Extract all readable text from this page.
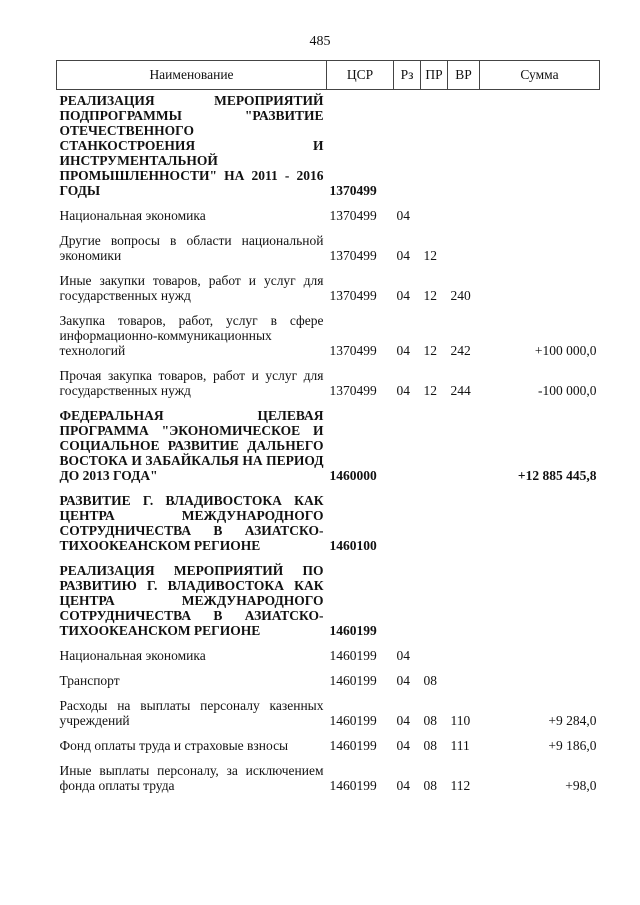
485
Наименование	ЦСР	Рз	ПР	ВР	Сумма
РЕАЛИЗАЦИЯ МЕРОПРИЯТИЙ ПОДПРОГРАММЫ "РАЗВИТИЕ ОТЕЧЕСТВЕННОГО СТАНКОСТРОЕНИЯ И ИНСТРУМЕНТАЛЬНОЙ ПРОМЫШЛЕННОСТИ" НА 2011 - 2016 ГОДЫ	1370499				
Национальная экономика	1370499	04			
Другие вопросы в области национальной экономики	1370499	04	12		
Иные закупки товаров, работ и услуг для государственных нужд	1370499	04	12	240	
Закупка товаров, работ, услуг в сфере информационно-коммуникационных технологий	1370499	04	12	242	+100 000,0
Прочая закупка товаров, работ и услуг для государственных нужд	1370499	04	12	244	-100 000,0
ФЕДЕРАЛЬНАЯ ЦЕЛЕВАЯ ПРОГРАММА "ЭКОНОМИЧЕСКОЕ И СОЦИАЛЬНОЕ РАЗВИТИЕ ДАЛЬНЕГО ВОСТОКА И ЗАБАЙКАЛЬЯ НА ПЕРИОД ДО 2013 ГОДА"	1460000				+12 885 445,8
РАЗВИТИЕ Г. ВЛАДИВОСТОКА КАК ЦЕНТРА МЕЖДУНАРОДНОГО СОТРУДНИЧЕСТВА В АЗИАТСКО-ТИХООКЕАНСКОМ РЕГИОНЕ	1460100				
РЕАЛИЗАЦИЯ МЕРОПРИЯТИЙ ПО РАЗВИТИЮ Г. ВЛАДИВОСТОКА КАК ЦЕНТРА МЕЖДУНАРОДНОГО СОТРУДНИЧЕСТВА В АЗИАТСКО-ТИХООКЕАНСКОМ РЕГИОНЕ	1460199				
Национальная экономика	1460199	04			
Транспорт	1460199	04	08		
Расходы на выплаты персоналу казенных учреждений	1460199	04	08	110	+9 284,0
Фонд оплаты труда и страховые взносы	1460199	04	08	111	+9 186,0
Иные выплаты персоналу, за исключением фонда оплаты труда	1460199	04	08	112	+98,0
